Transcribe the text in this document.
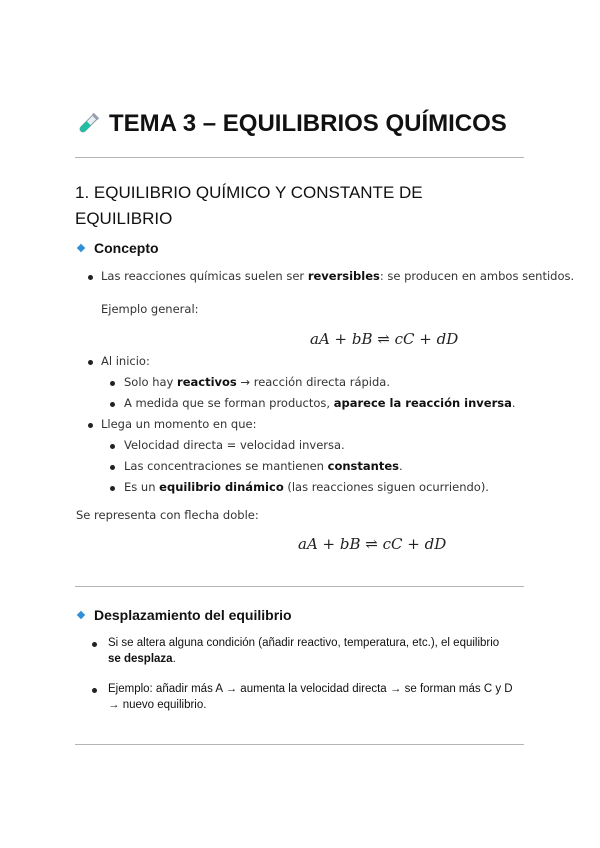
TEMA 3 – EQUILIBRIOS QUÍMICOS
1. EQUILIBRIO QUÍMICO Y CONSTANTE DE EQUILIBRIO
Concepto
Las reacciones químicas suelen ser reversibles: se producen en ambos sentidos.
Ejemplo general:
aA + bB ⇌ cC + dD
Al inicio:
Solo hay reactivos → reacción directa rápida.
A medida que se forman productos, aparece la reacción inversa.
Llega un momento en que:
Velocidad directa = velocidad inversa.
Las concentraciones se mantienen constantes.
Es un equilibrio dinámico (las reacciones siguen ocurriendo).
Se representa con flecha doble:
aA + bB ⇌ cC + dD
Desplazamiento del equilibrio
Si se altera alguna condición (añadir reactivo, temperatura, etc.), el equilibrio se desplaza.
Ejemplo: añadir más A → aumenta la velocidad directa → se forman más C y D → nuevo equilibrio.
